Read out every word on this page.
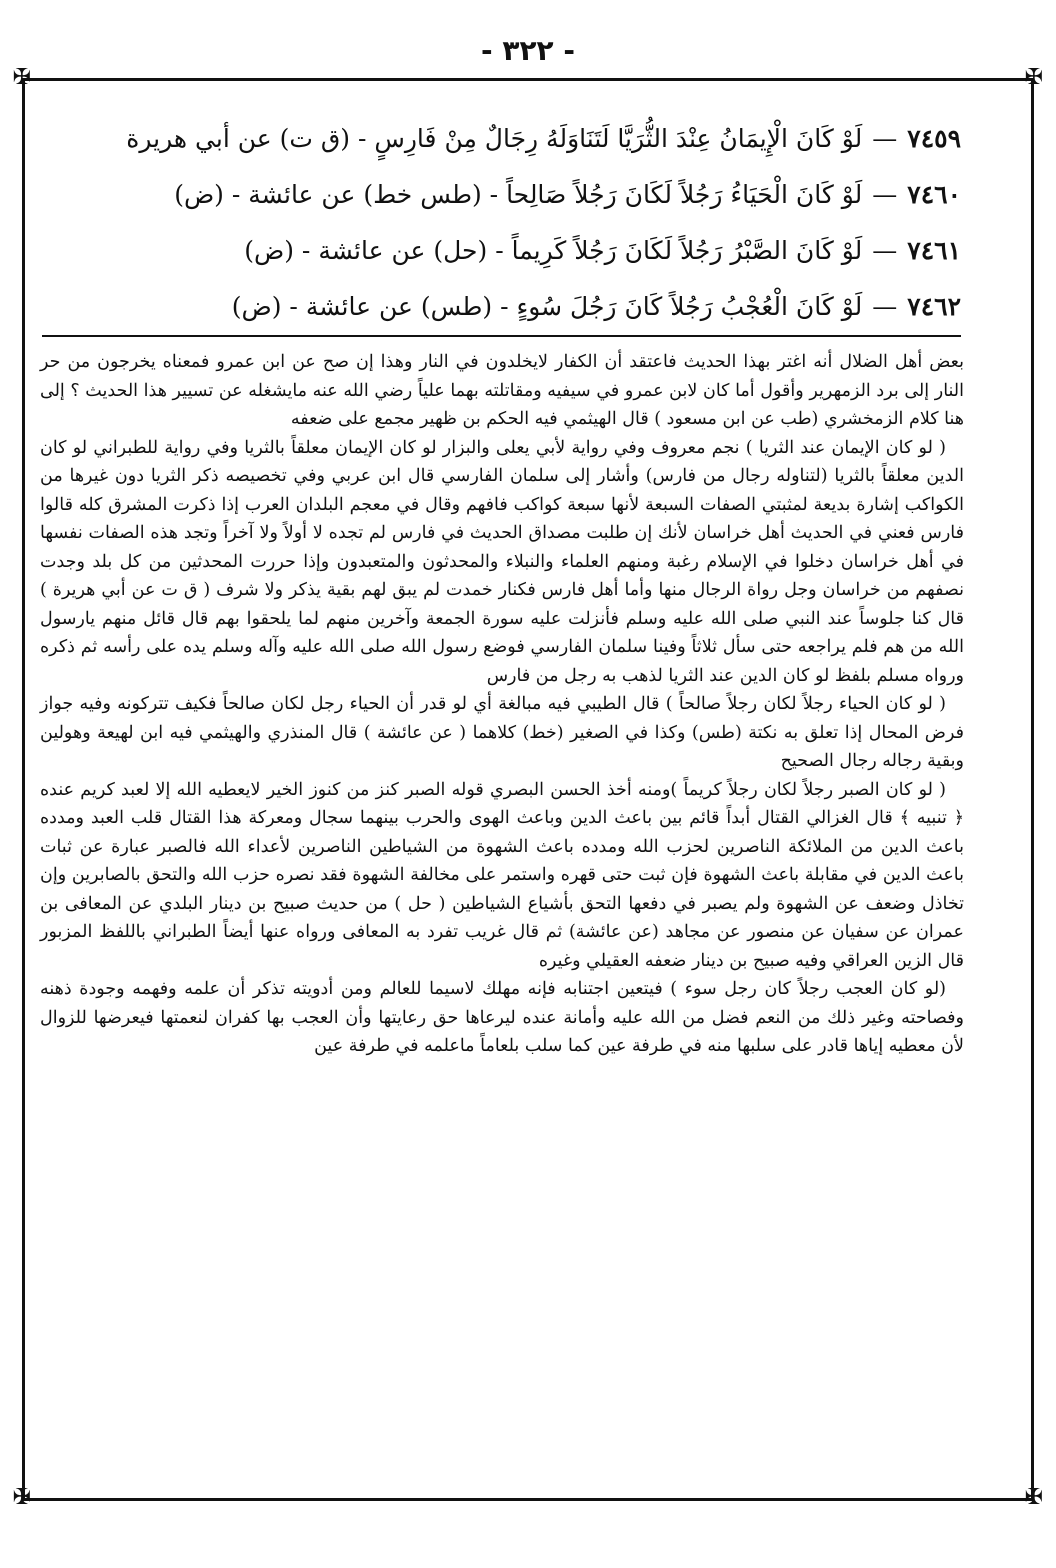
✠	✠
✠	✠
- ٣٢٢ -
٧٤٥٩
—
لَوْ كَانَ الْإِيمَانُ عِنْدَ الثُّرَيَّا لَتَنَاوَلَهُ رِجَالٌ مِنْ فَارِسٍ - (ق ت) عن أبي هريرة
٧٤٦٠
—
لَوْ كَانَ الْحَيَاءُ رَجُلاً لَكَانَ رَجُلاً صَالِحاً - (طس خط) عن عائشة - (ض)
٧٤٦١
—
لَوْ كَانَ الصَّبْرُ رَجُلاً لَكَانَ رَجُلاً كَرِيماً - (حل) عن عائشة - (ض)
٧٤٦٢
—
لَوْ كَانَ الْعُجْبُ رَجُلاً كَانَ رَجُلَ سُوءٍ - (طس) عن عائشة - (ض)

بعض أهل الضلال أنه اغتر بهذا الحديث فاعتقد أن الكفار لايخلدون في النار وهذا إن صح عن ابن عمرو فمعناه يخرجون من حر النار إلى برد الزمهرير وأقول أما كان لابن عمرو في سيفيه ومقاتلته بهما علياً رضي الله عنه مايشغله عن تسيير هذا الحديث ؟ إلى هنا كلام الزمخشري (طب عن ابن مسعود ) قال الهيثمي فيه الحكم بن ظهير مجمع على ضعفه

( لو كان الإيمان عند الثريا ) نجم معروف وفي رواية لأبي يعلى والبزار لو كان الإيمان معلقاً بالثريا وفي رواية للطبراني لو كان الدين معلقاً بالثريا (لتناوله رجال من فارس) وأشار إلى سلمان الفارسي قال ابن عربي وفي تخصيصه ذكر الثريا دون غيرها من الكواكب إشارة بديعة لمثبتي الصفات السبعة لأنها سبعة كواكب فافهم وقال في معجم البلدان العرب إذا ذكرت المشرق كله قالوا فارس فعني في الحديث أهل خراسان لأنك إن طلبت مصداق الحديث في فارس لم تجده لا أولاً ولا آخراً وتجد هذه الصفات نفسها في أهل خراسان دخلوا في الإسلام رغبة ومنهم العلماء والنبلاء والمحدثون والمتعبدون وإذا حررت المحدثين من كل بلد وجدت نصفهم من خراسان وجل رواة الرجال منها وأما أهل فارس فكنار خمدت لم يبق لهم بقية يذكر ولا شرف ( ق ت عن أبي هريرة ) قال كنا جلوساً عند النبي صلى الله عليه وسلم فأنزلت عليه سورة الجمعة وآخرين منهم لما يلحقوا بهم قال قائل منهم يارسول الله من هم فلم يراجعه حتى سأل ثلاثاً وفينا سلمان الفارسي فوضع رسول الله صلى الله عليه وآله وسلم يده على رأسه ثم ذكره ورواه مسلم بلفظ لو كان الدين عند الثريا لذهب به رجل من فارس

( لو كان الحياء رجلاً لكان رجلاً صالحاً ) قال الطيبي فيه مبالغة أي لو قدر أن الحياء رجل لكان صالحاً فكيف تتركونه وفيه جواز فرض المحال إذا تعلق به نكتة (طس) وكذا في الصغير (خط) كلاهما ( عن عائشة ) قال المنذري والهيثمي فيه ابن لهيعة وهولين وبقية رجاله رجال الصحيح

( لو كان الصبر رجلاً لكان رجلاً كريماً )ومنه أخذ الحسن البصري قوله الصبر كنز من كنوز الخير لايعطيه الله إلا لعبد كريم عنده ﴿ تنبيه ﴾ قال الغزالي القتال أبداً قائم بين باعث الدين وباعث الهوى والحرب بينهما سجال ومعركة هذا القتال قلب العبد ومدده باعث الدين من الملائكة الناصرين لحزب الله ومدده باعث الشهوة من الشياطين الناصرين لأعداء الله فالصبر عبارة عن ثبات باعث الدين في مقابلة باعث الشهوة فإن ثبت حتى قهره واستمر على مخالفة الشهوة فقد نصره حزب الله والتحق بالصابرين وإن تخاذل وضعف عن الشهوة ولم يصبر في دفعها التحق بأشياع الشياطين ( حل ) من حديث صبيح بن دينار البلدي عن المعافى بن عمران عن سفيان عن منصور عن مجاهد (عن عائشة) ثم قال غريب تفرد به المعافى ورواه عنها أيضاً الطبراني باللفظ المزبور قال الزين العراقي وفيه صبيح بن دينار ضعفه العقيلي وغيره

(لو كان العجب رجلاً كان رجل سوء ) فيتعين اجتنابه فإنه مهلك لاسيما للعالم ومن أدويته تذكر أن علمه وفهمه وجودة ذهنه وفصاحته وغير ذلك من النعم فضل من الله عليه وأمانة عنده ليرعاها حق رعايتها وأن العجب بها كفران لنعمتها فيعرضها للزوال لأن معطيه إياها قادر على سلبها منه في طرفة عين كما سلب بلعاماً ماعلمه في طرفة عين
